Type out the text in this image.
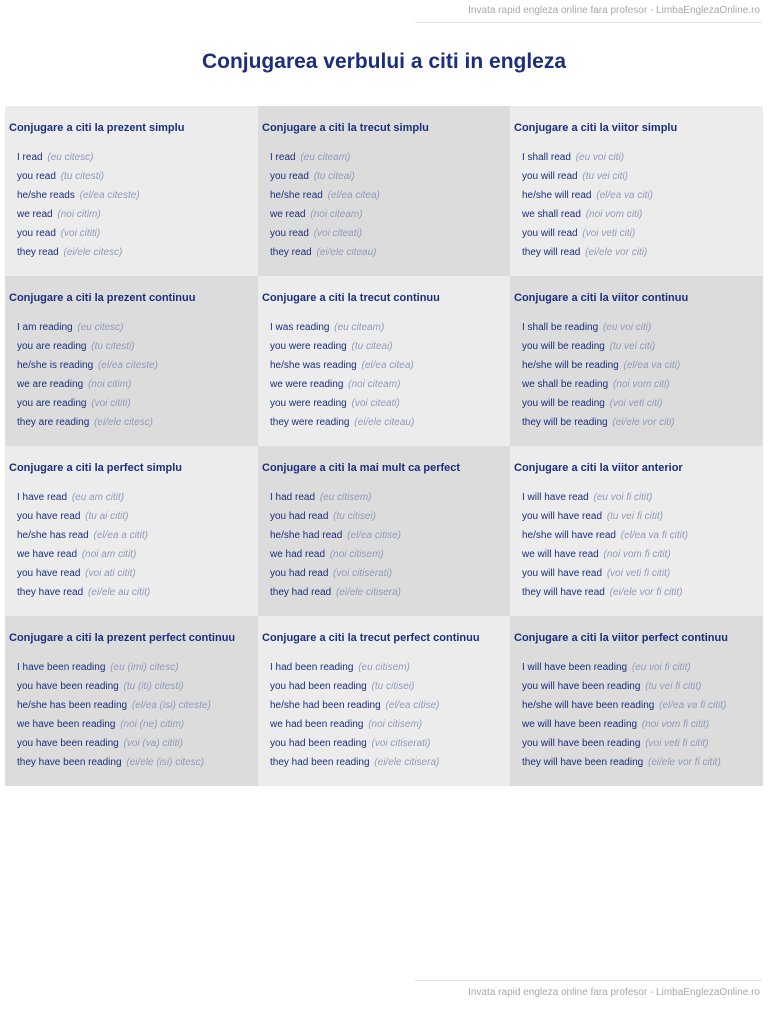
Invata rapid engleza online fara profesor - LimbaEnglezaOnline.ro
Conjugarea verbului a citi in engleza
Conjugare a citi la prezent simplu
I read (eu citesc)
you read (tu citesti)
he/she reads (el/ea citeste)
we read (noi citim)
you read (voi cititi)
they read (ei/ele citesc)
Conjugare a citi la trecut simplu
I read (eu citeam)
you read (tu citeai)
he/she read (el/ea citea)
we read (noi citeam)
you read (voi citeati)
they read (ei/ele citeau)
Conjugare a citi la viitor simplu
I shall read (eu voi citi)
you will read (tu vei citi)
he/she will read (el/ea va citi)
we shall read (noi vom citi)
you will read (voi veti citi)
they will read (ei/ele vor citi)
Conjugare a citi la prezent continuu
I am reading (eu citesc)
you are reading (tu citesti)
he/she is reading (el/ea citeste)
we are reading (noi citim)
you are reading (voi cititi)
they are reading (ei/ele citesc)
Conjugare a citi la trecut continuu
I was reading (eu citeam)
you were reading (tu citeai)
he/she was reading (el/ea citea)
we were reading (noi citeam)
you were reading (voi citeati)
they were reading (ei/ele citeau)
Conjugare a citi la viitor continuu
I shall be reading (eu voi citi)
you will be reading (tu vei citi)
he/she will be reading (el/ea va citi)
we shall be reading (noi vom citi)
you will be reading (voi veti citi)
they will be reading (ei/ele vor citi)
Conjugare a citi la perfect simplu
I have read (eu am citit)
you have read (tu ai citit)
he/she has read (el/ea a citit)
we have read (noi am citit)
you have read (voi ati citit)
they have read (ei/ele au citit)
Conjugare a citi la mai mult ca perfect
I had read (eu citisem)
you had read (tu citisei)
he/she had read (el/ea citise)
we had read (noi citisem)
you had read (voi citiserati)
they had read (ei/ele citisera)
Conjugare a citi la viitor anterior
I will have read (eu voi fi citit)
you will have read (tu vei fi citit)
he/she will have read (el/ea va fi citit)
we will have read (noi vom fi citit)
you will have read (voi veti fi citit)
they will have read (ei/ele vor fi citit)
Conjugare a citi la prezent perfect continuu
I have been reading (eu (imi) citesc)
you have been reading (tu (iti) citesti)
he/she has been reading (el/ea (isi) citeste)
we have been reading (noi (ne) citim)
you have been reading (voi (va) cititi)
they have been reading (ei/ele (isi) citesc)
Conjugare a citi la trecut perfect continuu
I had been reading (eu citisem)
you had been reading (tu citisei)
he/she had been reading (el/ea citise)
we had been reading (noi citisem)
you had been reading (voi citiserati)
they had been reading (ei/ele citisera)
Conjugare a citi la viitor perfect continuu
I will have been reading (eu voi fi citit)
you will have been reading (tu vei fi citit)
he/she will have been reading (el/ea va fi citit)
we will have been reading (noi vom fi citit)
you will have been reading (voi veti fi citit)
they will have been reading (ei/ele vor fi citit)
Invata rapid engleza online fara profesor - LimbaEnglezaOnline.ro
